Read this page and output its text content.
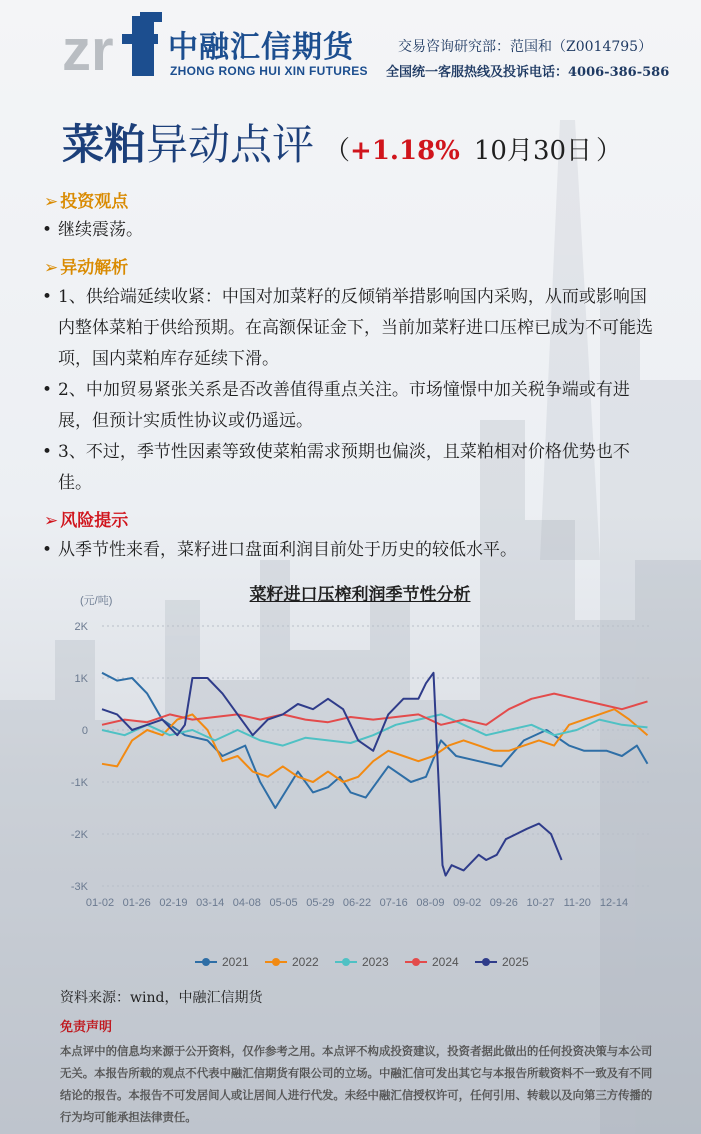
zr 中融汇信期货
ZHONG RONG HUI XIN FUTURES
交易咨询研究部：范国和（Z0014795）
全国统一客服热线及投诉电话：4006-386-586
菜粕 异动点评 （ +1.18% 10月30日 ）
➢ 投资观点
• 继续震荡。
➢ 异动解析
• 1、供给端延续收紧：中国对加菜籽的反倾销举措影响国内采购，从而或影响国内整体菜粕于供给预期。在高额保证金下，当前加菜籽进口压榨已成为不可能选项，国内菜粕库存延续下滑。
• 2、中加贸易紧张关系是否改善值得重点关注。市场憧憬中加关税争端或有进展，但预计实质性协议或仍遥远。
• 3、不过，季节性因素等致使菜粕需求预期也偏淡，且菜粕相对价格优势也不佳。
➢ 风险提示
• 从季节性来看，菜籽进口盘面利润目前处于历史的较低水平。
菜籽进口压榨利润季节性分析
(元/吨)
2K
1K
0
-1K
-2K
-3K
01-02 01-26 02-19 03-14 04-08 05-05 05-29 06-22 07-16 08-09 09-02 09-26 10-27 11-20 12-14
2021	2022	2023	2024	2025
资料来源：wind，中融汇信期货
免责声明
本点评中的信息均来源于公开资料，仅作参考之用。本点评不构成投资建议，投资者据此做出的任何投资决策与本公司无关。本报告所载的观点不代表中融汇信期货有限公司的立场。中融汇信可发出其它与本报告所载资料不一致及有不同结论的报告。本报告不可发居间人或让居间人进行代发。未经中融汇信授权许可，任何引用、转载以及向第三方传播的行为均可能承担法律责任。
